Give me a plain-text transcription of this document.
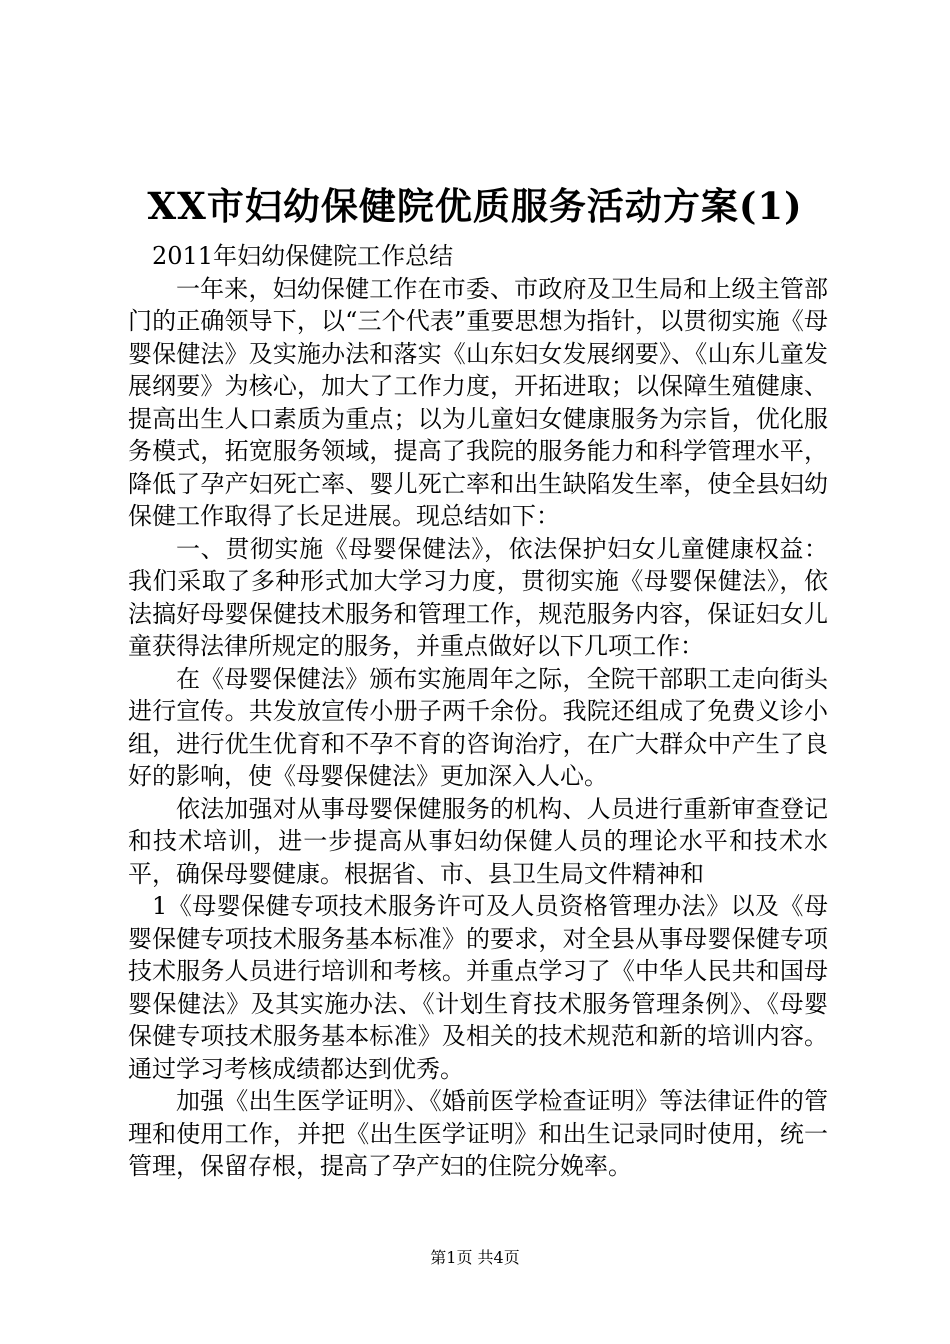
XX市妇幼保健院优质服务活动方案(1)

2011年妇幼保健院工作总结

一年来，妇幼保健工作在市委、市政府及卫生局和上级主管部门的正确领导下，以“三个代表”重要思想为指针，以贯彻实施《母婴保健法》及实施办法和落实《山东妇女发展纲要》、《山东儿童发展纲要》为核心，加大了工作力度，开拓进取；以保障生殖健康、提高出生人口素质为重点；以为儿童妇女健康服务为宗旨，优化服务模式，拓宽服务领域，提高了我院的服务能力和科学管理水平，降低了孕产妇死亡率、婴儿死亡率和出生缺陷发生率，使全县妇幼保健工作取得了长足进展。现总结如下：

一、贯彻实施《母婴保健法》，依法保护妇女儿童健康权益：我们采取了多种形式加大学习力度，贯彻实施《母婴保健法》，依法搞好母婴保健技术服务和管理工作，规范服务内容，保证妇女儿童获得法律所规定的服务，并重点做好以下几项工作：

在《母婴保健法》颁布实施周年之际，全院干部职工走向街头进行宣传。共发放宣传小册子两千余份。我院还组成了免费义诊小组，进行优生优育和不孕不育的咨询治疗，在广大群众中产生了良好的影响，使《母婴保健法》更加深入人心。

依法加强对从事母婴保健服务的机构、人员进行重新审查登记和技术培训，进一步提高从事妇幼保健人员的理论水平和技术水平，确保母婴健康。根据省、市、县卫生局文件精神和

1《母婴保健专项技术服务许可及人员资格管理办法》以及《母婴保健专项技术服务基本标准》的要求，对全县从事母婴保健专项技术服务人员进行培训和考核。并重点学习了《中华人民共和国母婴保健法》及其实施办法、《计划生育技术服务管理条例》、《母婴保健专项技术服务基本标准》及相关的技术规范和新的培训内容。通过学习考核成绩都达到优秀。

加强《出生医学证明》、《婚前医学检查证明》等法律证件的管理和使用工作，并把《出生医学证明》和出生记录同时使用，统一管理，保留存根，提高了孕产妇的住院分娩率。

第1页 共4页
